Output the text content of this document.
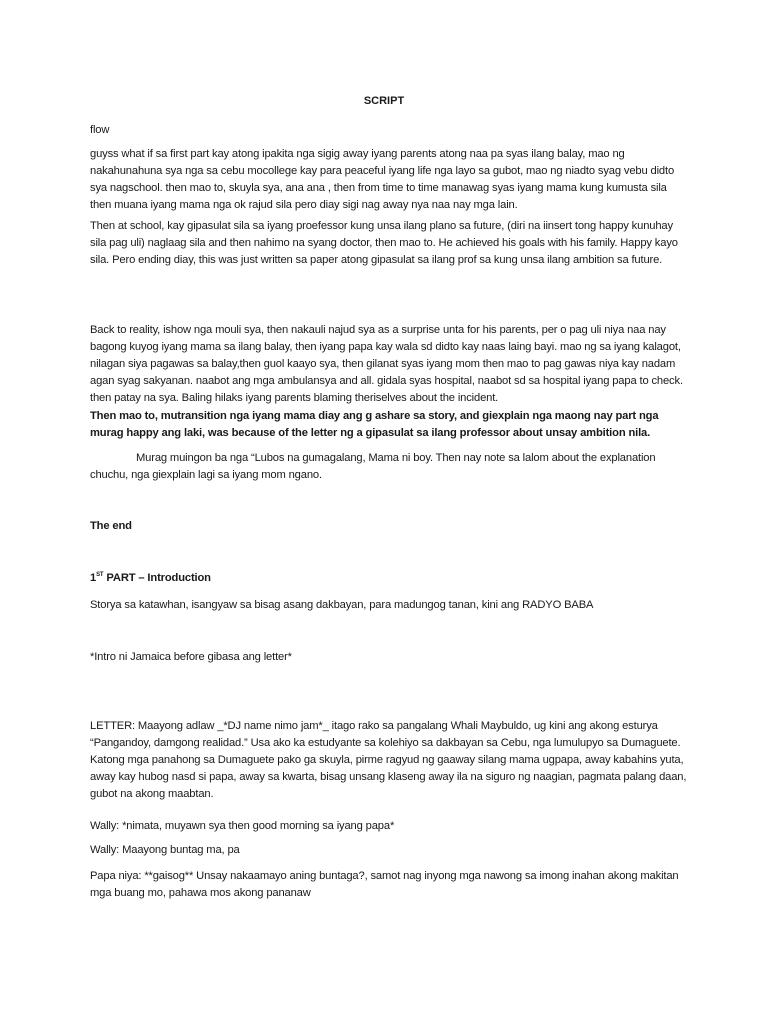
SCRIPT

flow

guyss what if sa first part kay atong ipakita nga sigig away iyang parents atong naa pa syas ilang balay, mao ng nakahunahuna sya nga sa cebu mocollege kay para peaceful iyang life nga layo sa gubot, mao ng niadto syag vebu didto sya nagschool. then mao to, skuyla sya, ana ana , then from time to time manawag syas iyang mama kung kumusta sila then muana iyang mama nga ok rajud sila pero diay sigi nag away nya naa nay mga lain.

Then at school, kay gipasulat sila sa iyang proefessor kung unsa ilang plano sa future, (diri na iinsert tong happy kunuhay sila pag uli) naglaag sila and then nahimo na syang doctor, then mao to. He achieved his goals with his family. Happy kayo sila. Pero ending diay, this was just written sa paper atong gipasulat sa ilang prof sa kung unsa ilang ambition sa future.

Back to reality, ishow nga mouli sya, then nakauli najud sya as a surprise unta for his parents, per o pag uli niya naa nay bagong kuyog iyang mama sa ilang balay, then iyang papa kay wala sd didto kay naas laing bayi. mao ng sa iyang kalagot, nilagan siya pagawas sa balay,then guol kaayo sya, then gilanat syas iyang mom then mao to pag gawas niya kay nadam agan syag sakyanan. naabot ang mga ambulansya and all. gidala syas hospital, naabot sd sa hospital iyang papa to check. then patay na sya. Baling hilaks iyang parents blaming theriselves about the incident.

Then mao to, mutransition nga iyang mama diay ang g ashare sa story, and giexplain nga maong nay part nga murag happy ang laki, was because of the letter ng a gipasulat sa ilang professor about unsay ambition nila.

Murag muingon ba nga “Lubos na gumagalang, Mama ni boy. Then nay note sa lalom about the explanation chuchu, nga giexplain lagi sa iyang mom ngano.

The end

1ST PART – Introduction

Storya sa katawhan, isangyaw sa bisag asang dakbayan, para madungog tanan, kini ang RADYO BABA

*Intro ni Jamaica before gibasa ang letter*

LETTER: Maayong adlaw _*DJ name nimo jam*_ itago rako sa pangalang Whali Maybuldo, ug kini ang akong esturya “Pangandoy, damgong realidad.” Usa ako ka estudyante sa kolehiyo sa dakbayan sa Cebu, nga lumulupyo sa Dumaguete. Katong mga panahong sa Dumaguete pako ga skuyla, pirme ragyud ng gaaway silang mama ugpapa, away kabahins yuta, away kay hubog nasd si papa, away sa kwarta, bisag unsang klaseng away ila na siguro ng naagian, pagmata palang daan, gubot na akong maabtan.

Wally: *nimata, muyawn sya then good morning sa iyang papa*

Wally: Maayong buntag ma, pa

Papa niya: **gaisog** Unsay nakaamayo aning buntaga?, samot nag inyong mga nawong sa imong inahan akong makitan mga buang mo, pahawa mos akong pananaw
